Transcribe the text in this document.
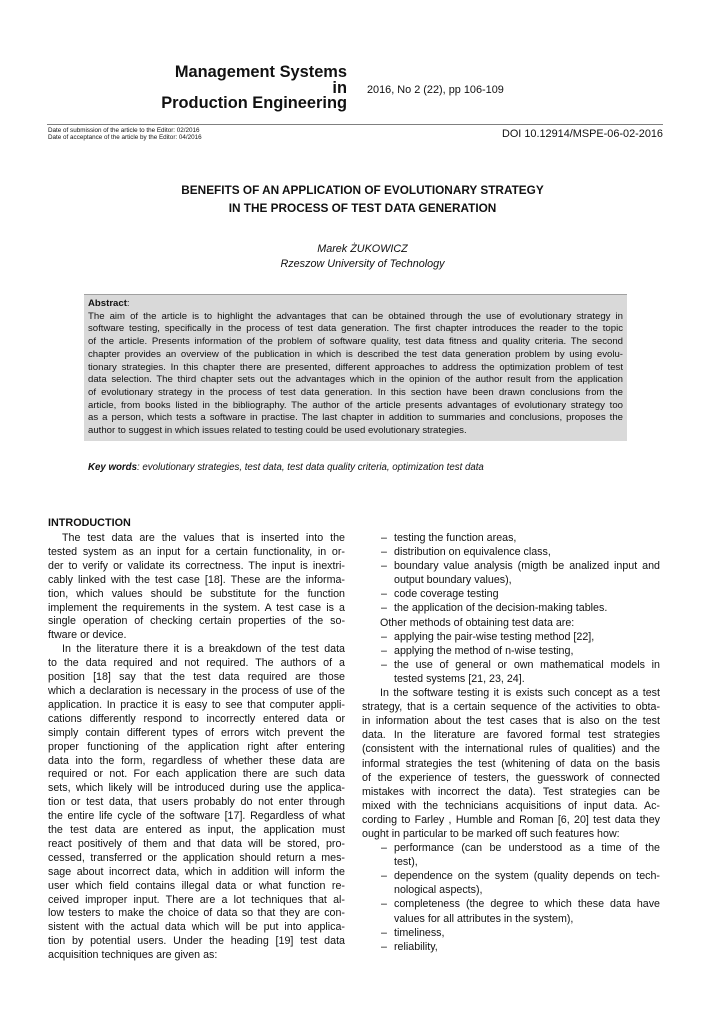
Management Systems
in
Production Engineering
2016, No 2 (22), pp 106-109
Date of submission of the article to the Editor: 02/2016
Date of acceptance of the article by the Editor: 04/2016	DOI 10.12914/MSPE-06-02-2016
BENEFITS OF AN APPLICATION OF EVOLUTIONARY STRATEGY
IN THE PROCESS OF TEST DATA GENERATION
Marek ŻUKOWICZ
Rzeszow University of Technology
Abstract:
The aim of the article is to highlight the advantages that can be obtained through the use of evolutionary strategy in
software testing, specifically in the process of test data generation. The first chapter introduces the reader to the topic
of the article. Presents information of the problem of software quality, test data fitness and quality criteria. The second
chapter provides an overview of the publication in which is described the test data generation problem by using evolu-
tionary strategies. In this chapter there are presented, different approaches to address the optimization problem of test
data selection. The third chapter sets out the advantages which in the opinion of the author result from the application
of evolutionary strategy in the process of test data generation. In this section have been drawn conclusions from the
article, from books listed in the bibliography. The author of the article presents advantages of evolutionary strategy too
as a person, which tests a software in practise. The last chapter in addition to summaries and conclusions, proposes the
author to suggest in which issues related to testing could be used evolutionary strategies.
Key words: evolutionary strategies, test data, test data quality criteria, optimization test data
INTRODUCTION
The test data are the values that is inserted into the
tested system as an input for a certain functionality, in or-
der to verify or validate its correctness. The input is inextri-
cably linked with the test case [18]. These are the informa-
tion, which values should be substitute for the function
implement the requirements in the system. A test case is a
single operation of checking certain properties of the so-
ftware or device.
In the literature there it is a breakdown of the test data
to the data required and not required. The authors of a
position [18] say that the test data required are those
which a declaration is necessary in the process of use of the
application. In practice it is easy to see that computer appli-
cations differently respond to incorrectly entered data or
simply contain different types of errors witch prevent the
proper functioning of the application right after entering
data into the form, regardless of whether these data are
required or not. For each application there are such data
sets, which likely will be introduced during use the applica-
tion or test data, that users probably do not enter through
the entire life cycle of the software [17]. Regardless of what
the test data are entered as input, the application must
react positively of them and that data will be stored, pro-
cessed, transferred or the application should return a mes-
sage about incorrect data, which in addition will inform the
user which field contains illegal data or what function re-
ceived improper input. There are a lot techniques that al-
low testers to make the choice of data so that they are con-
sistent with the actual data which will be put into applica-
tion by potential users. Under the heading [19] test data
acquisition techniques are given as:
– testing the function areas,
– distribution on equivalence class,
– boundary value analysis (migth be analized input and
output boundary values),
– code coverage testing
– the application of the decision-making tables.
Other methods of obtaining test data are:
– applying the pair-wise testing method [22],
– applying the method of n-wise testing,
– the use of general or own mathematical models in
tested systems [21, 23, 24].
In the software testing it is exists such concept as a test
strategy, that is a certain sequence of the activities to obta-
in information about the test cases that is also on the test
data. In the literature are favored formal test strategies
(consistent with the international rules of qualities) and the
informal strategies the test (whitening of data on the basis
of the experience of testers, the guesswork of connected
mistakes with incorrect the data). Test strategies can be
mixed with the technicians acquisitions of input data. Ac-
cording to Farley , Humble and Roman [6, 20] test data they
ought in particular to be marked off such features how:
– performance (can be understood as a time of the
test),
– dependence on the system (quality depends on tech-
nological aspects),
– completeness (the degree to which these data have
values for all attributes in the system),
– timeliness,
– reliability,
